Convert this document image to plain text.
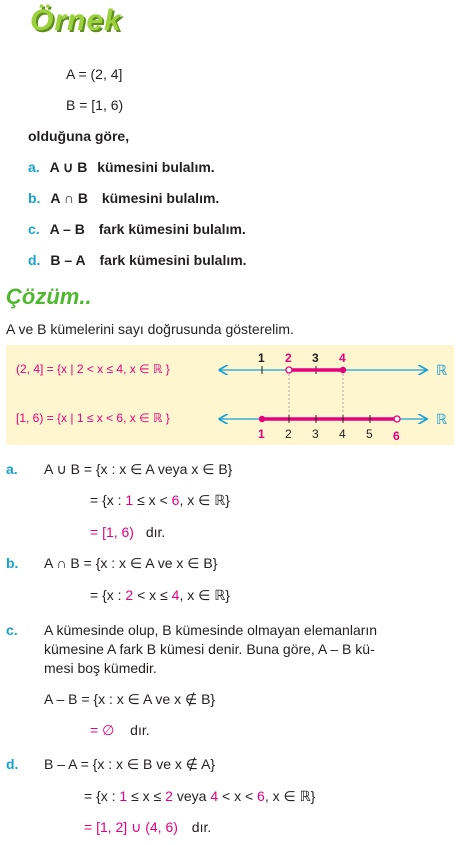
Örnek
A = (2, 4]
B = [1, 6)
olduğuna göre,
a. A ∪ B kümesini bulalım.
b. A ∩ B kümesini bulalım.
c. A – B fark kümesini bulalım.
d. B – A fark kümesini bulalım.
Çözüm..
A ve B kümelerini sayı doğrusunda gösterelim.
(2, 4] = {x | 2 < x ≤ 4, x ∈ ℝ }
[1, 6) = {x | 1 ≤ x < 6, x ∈ ℝ }
ℝ
1 2 3 4
ℝ
1 2 3 4 5 6
a. A ∪ B = {x : x ∈ A veya x ∈ B}
= {x : 1 ≤ x < 6, x ∈ ℝ}
= [1, 6) dır.
b. A ∩ B = {x : x ∈ A ve x ∈ B}
= {x : 2 < x ≤ 4, x ∈ ℝ}
c. A kümesinde olup, B kümesinde olmayan elemanların
kümesine A fark B kümesi denir. Buna göre, A – B kü-
mesi boş kümedir.
A – B = {x : x ∈ A ve x ∉ B}
= ∅ dır.
d. B – A = {x : x ∈ B ve x ∉ A}
= {x : 1 ≤ x ≤ 2 veya 4 < x < 6, x ∈ ℝ}
= [1, 2] ∪ (4, 6) dır.
